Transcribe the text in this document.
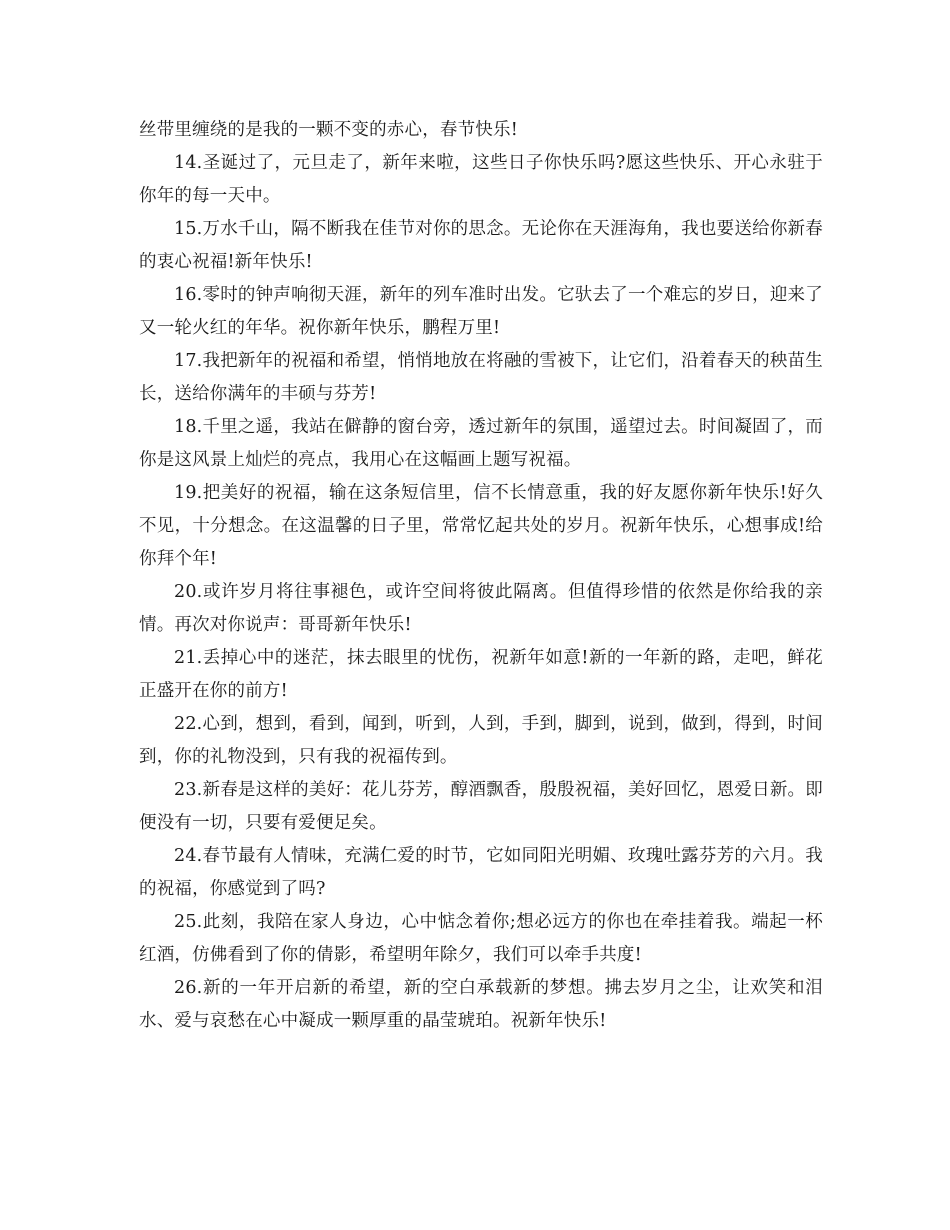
丝带里缠绕的是我的一颗不变的赤心，春节快乐!

14.圣诞过了，元旦走了，新年来啦，这些日子你快乐吗?愿这些快乐、开心永驻于你年的每一天中。

15.万水千山，隔不断我在佳节对你的思念。无论你在天涯海角，我也要送给你新春的衷心祝福!新年快乐!

16.零时的钟声响彻天涯，新年的列车准时出发。它驮去了一个难忘的岁日，迎来了又一轮火红的年华。祝你新年快乐，鹏程万里!

17.我把新年的祝福和希望，悄悄地放在将融的雪被下，让它们，沿着春天的秧苗生长，送给你满年的丰硕与芬芳!

18.千里之遥，我站在僻静的窗台旁，透过新年的氛围，遥望过去。时间凝固了，而你是这风景上灿烂的亮点，我用心在这幅画上题写祝福。

19.把美好的祝福，输在这条短信里，信不长情意重，我的好友愿你新年快乐!好久不见，十分想念。在这温馨的日子里，常常忆起共处的岁月。祝新年快乐，心想事成!给你拜个年!

20.或许岁月将往事褪色，或许空间将彼此隔离。但值得珍惜的依然是你给我的亲情。再次对你说声：哥哥新年快乐!

21.丢掉心中的迷茫，抹去眼里的忧伤，祝新年如意!新的一年新的路，走吧，鲜花正盛开在你的前方!

22.心到，想到，看到，闻到，听到，人到，手到，脚到，说到，做到，得到，时间到，你的礼物没到，只有我的祝福传到。

23.新春是这样的美好：花儿芬芳，醇酒飘香，殷殷祝福，美好回忆，恩爱日新。即便没有一切，只要有爱便足矣。

24.春节最有人情味，充满仁爱的时节，它如同阳光明媚、玫瑰吐露芬芳的六月。我的祝福，你感觉到了吗?

25.此刻，我陪在家人身边，心中惦念着你;想必远方的你也在牵挂着我。端起一杯红酒，仿佛看到了你的倩影，希望明年除夕，我们可以牵手共度!

26.新的一年开启新的希望，新的空白承载新的梦想。拂去岁月之尘，让欢笑和泪水、爱与哀愁在心中凝成一颗厚重的晶莹琥珀。祝新年快乐!
